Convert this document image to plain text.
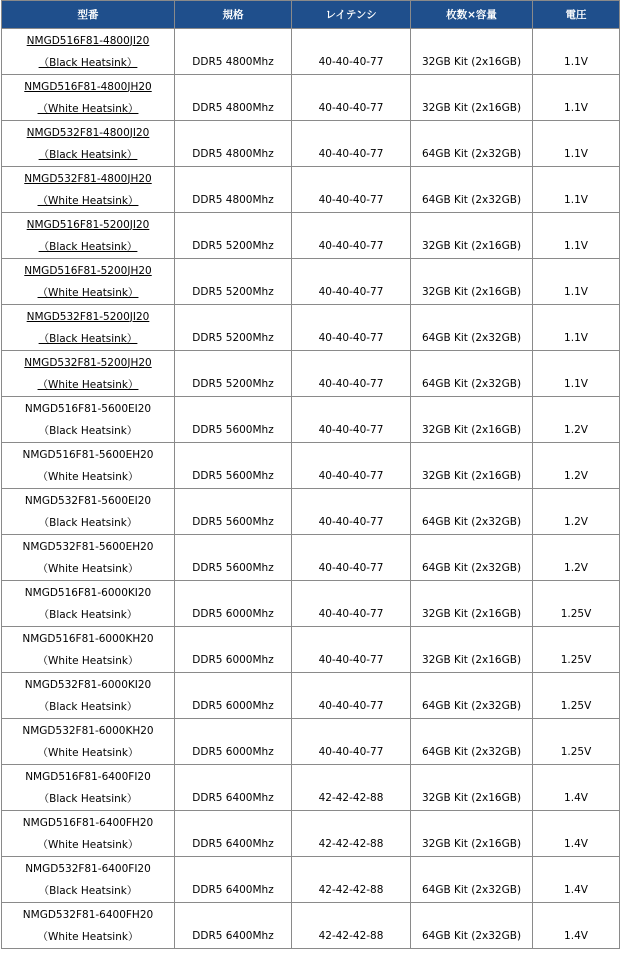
型番	規格	レイテンシ	枚数×容量	電圧

NMGD516F81-4800JI20
（Black Heatsink）	DDR5 4800Mhz	40-40-40-77	32GB Kit (2x16GB)	1.1V

NMGD516F81-4800JH20
（White Heatsink）	DDR5 4800Mhz	40-40-40-77	32GB Kit (2x16GB)	1.1V

NMGD532F81-4800JI20
（Black Heatsink）	DDR5 4800Mhz	40-40-40-77	64GB Kit (2x32GB)	1.1V

NMGD532F81-4800JH20
（White Heatsink）	DDR5 4800Mhz	40-40-40-77	64GB Kit (2x32GB)	1.1V

NMGD516F81-5200JI20
（Black Heatsink）	DDR5 5200Mhz	40-40-40-77	32GB Kit (2x16GB)	1.1V

NMGD516F81-5200JH20
（White Heatsink）	DDR5 5200Mhz	40-40-40-77	32GB Kit (2x16GB)	1.1V

NMGD532F81-5200JI20
（Black Heatsink）	DDR5 5200Mhz	40-40-40-77	64GB Kit (2x32GB)	1.1V

NMGD532F81-5200JH20
（White Heatsink）	DDR5 5200Mhz	40-40-40-77	64GB Kit (2x32GB)	1.1V

NMGD516F81-5600EI20
（Black Heatsink）	DDR5 5600Mhz	40-40-40-77	32GB Kit (2x16GB)	1.2V

NMGD516F81-5600EH20
（White Heatsink）	DDR5 5600Mhz	40-40-40-77	32GB Kit (2x16GB)	1.2V

NMGD532F81-5600EI20
（Black Heatsink）	DDR5 5600Mhz	40-40-40-77	64GB Kit (2x32GB)	1.2V

NMGD532F81-5600EH20
（White Heatsink）	DDR5 5600Mhz	40-40-40-77	64GB Kit (2x32GB)	1.2V

NMGD516F81-6000KI20
（Black Heatsink）	DDR5 6000Mhz	40-40-40-77	32GB Kit (2x16GB)	1.25V

NMGD516F81-6000KH20
（White Heatsink）	DDR5 6000Mhz	40-40-40-77	32GB Kit (2x16GB)	1.25V

NMGD532F81-6000KI20
（Black Heatsink）	DDR5 6000Mhz	40-40-40-77	64GB Kit (2x32GB)	1.25V

NMGD532F81-6000KH20
（White Heatsink）	DDR5 6000Mhz	40-40-40-77	64GB Kit (2x32GB)	1.25V

NMGD516F81-6400FI20
（Black Heatsink）	DDR5 6400Mhz	42-42-42-88	32GB Kit (2x16GB)	1.4V

NMGD516F81-6400FH20
（White Heatsink）	DDR5 6400Mhz	42-42-42-88	32GB Kit (2x16GB)	1.4V

NMGD532F81-6400FI20
（Black Heatsink）	DDR5 6400Mhz	42-42-42-88	64GB Kit (2x32GB)	1.4V

NMGD532F81-6400FH20
（White Heatsink）	DDR5 6400Mhz	42-42-42-88	64GB Kit (2x32GB)	1.4V
